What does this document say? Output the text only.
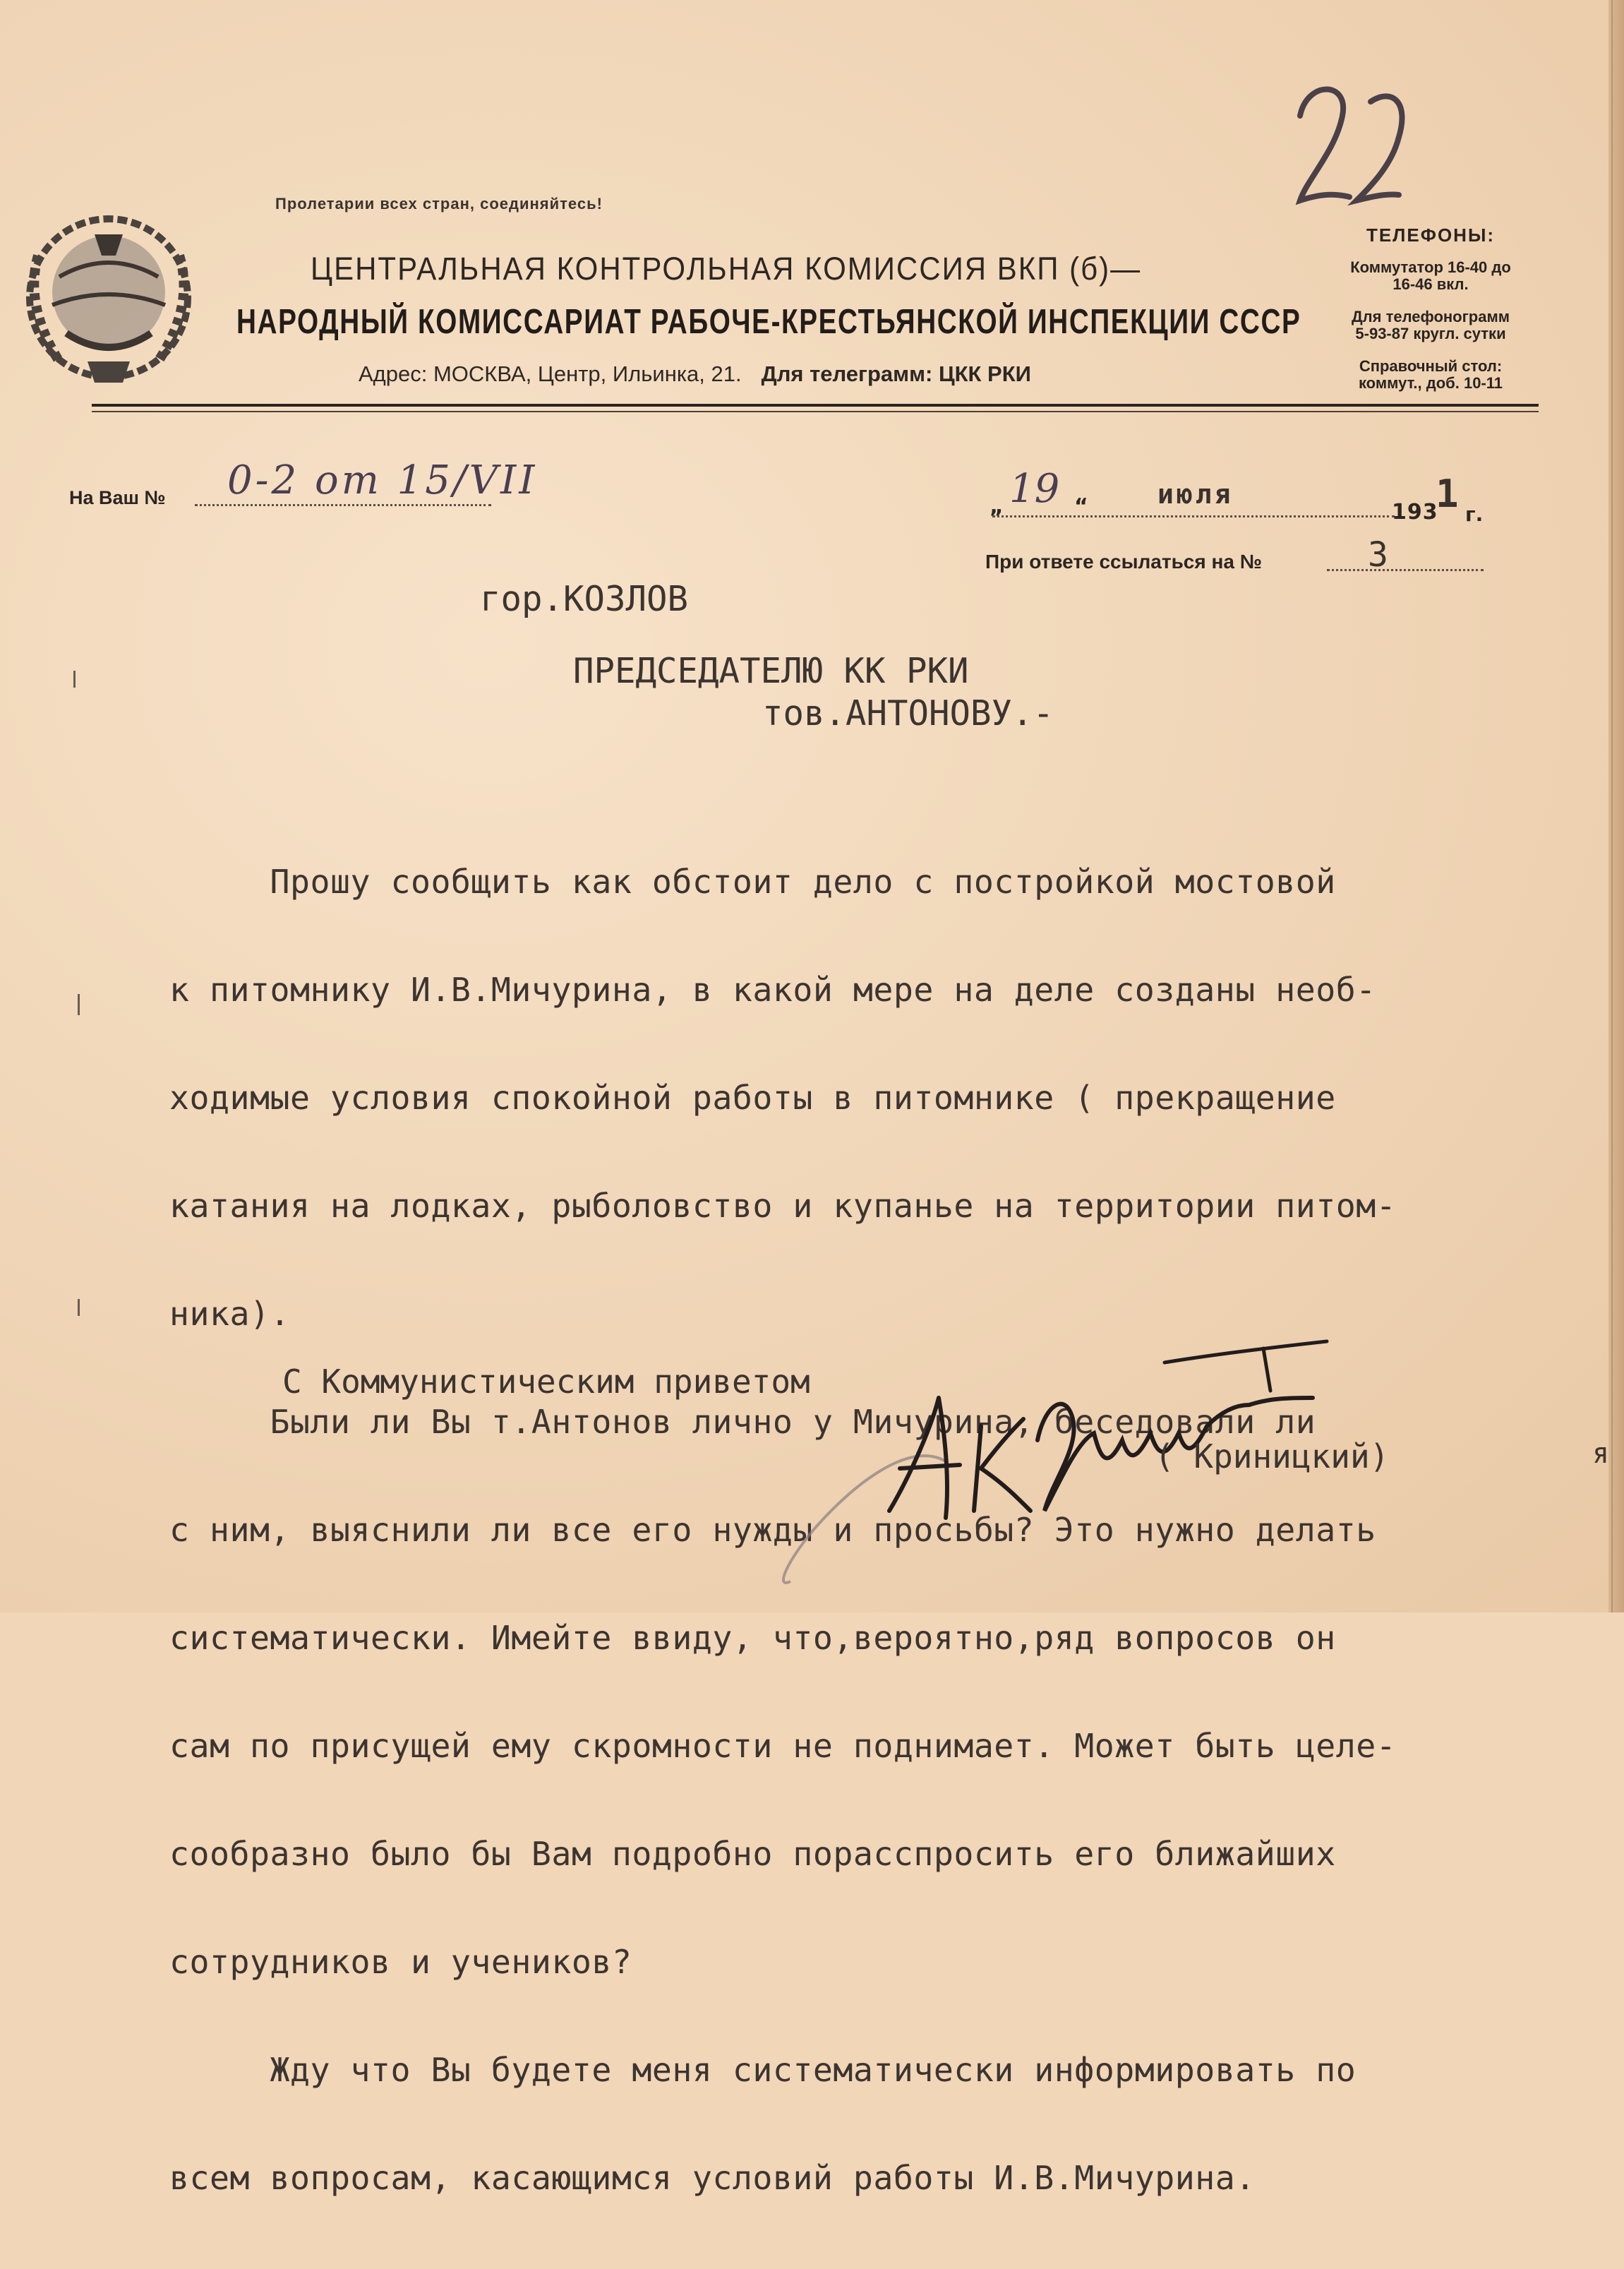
Пролетарии всех стран, соединяйтесь!
ЦЕНТРАЛЬНАЯ КОНТРОЛЬНАЯ КОМИССИЯ ВКП (б)—
НАРОДНЫЙ КОМИССАРИАТ РАБОЧЕ-КРЕСТЬЯНСКОЙ ИНСПЕКЦИИ СССР
Адрес: МОСКВА, Центр, Ильинка, 21. Для телеграмм: ЦКК РКИ
ТЕЛЕФОНЫ:
Коммутатор 16-40 до
16-46 вкл.
Для телефонограмм
5-93-87 кругл. сутки
Справочный стол:
коммут., доб. 10-11
На Ваш № 0-2 от 15/VII
„ 19 “	июля
193
1 г.
При ответе ссылаться на №	3
гор.КОЗЛОВ
ПРЕДСЕДАТЕЛЮ КК РКИ
тов.АНТОНОВУ.-

Прошу сообщить как обстоит дело с постройкой мостовой

к питомнику И.В.Мичурина, в какой мере на деле созданы необ-

ходимые условия спокойной работы в питомнике ( прекращение

катания на лодках, рыболовство и купанье на территории питом-

ника).

Были ли Вы т.Антонов лично у Мичурина, беседовали ли

с ним, выяснили ли все его нужды и просьбы? Это нужно делать

систематически. Имейте ввиду, что,вероятно,ряд вопросов он

сам по присущей ему скромности не поднимает. Может быть целе-

сообразно было бы Вам подробно порасспросить его ближайших

сотрудников и учеников?

Жду что Вы будете меня систематически информировать по

всем вопросам, касающимся условий работы И.В.Мичурина.

С Коммунистическим приветом
( Криницкий)	я
